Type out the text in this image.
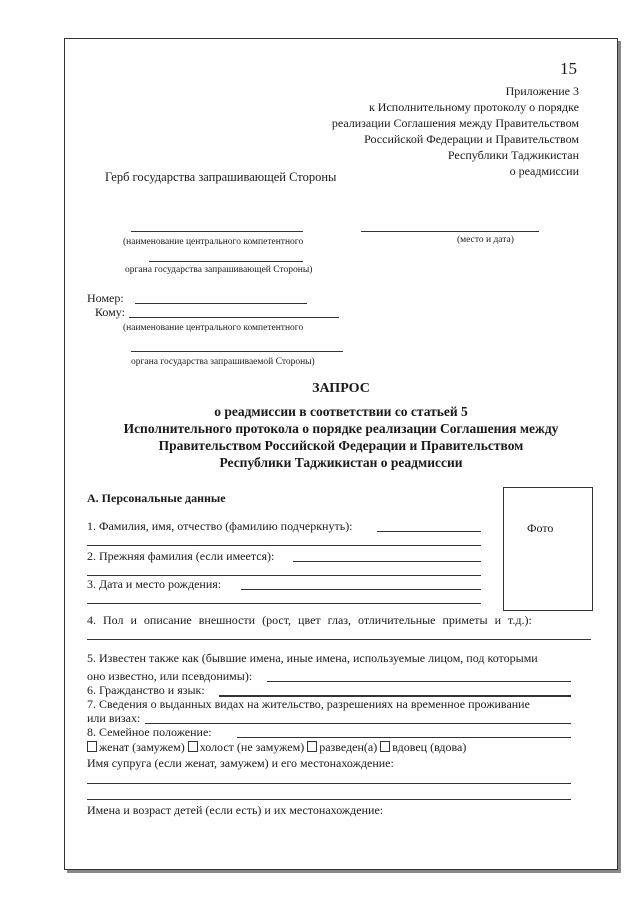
15
Приложение 3
к Исполнительному протоколу о порядке
реализации Соглашения между Правительством
Российской Федерации и Правительством
Республики Таджикистан
о реадмиссии
Герб государства запрашивающей Стороны
(наименование центрального компетентного	(место и дата)
органа государства запрашивающей Стороны)
Номер:
Кому:
(наименование центрального компетентного
органа государства запрашиваемой Стороны)
ЗАПРОС
о реадмиссии в соответствии со статьей 5
Исполнительного протокола о порядке реализации Соглашения между
Правительством Российской Федерации и Правительством
Республики Таджикистан о реадмиссии
А. Персональные данные
Фото
1. Фамилия, имя, отчество (фамилию подчеркнуть):
2. Прежняя фамилия (если имеется):
3. Дата и место рождения:
4. Пол и описание внешности (рост, цвет глаз, отличительные приметы и т.д.):
5. Известен также как (бывшие имена, иные имена, используемые лицом, под которыми
оно известно, или псевдонимы):
6. Гражданство и язык:
7. Сведения о выданных видах на жительство, разрешениях на временное проживание
или визах:
8. Семейное положение:
женат (замужем) холост (не замужем) разведен(а) вдовец (вдова)
Имя супруга (если женат, замужем) и его местонахождение:
Имена и возраст детей (если есть) и их местонахождение:
